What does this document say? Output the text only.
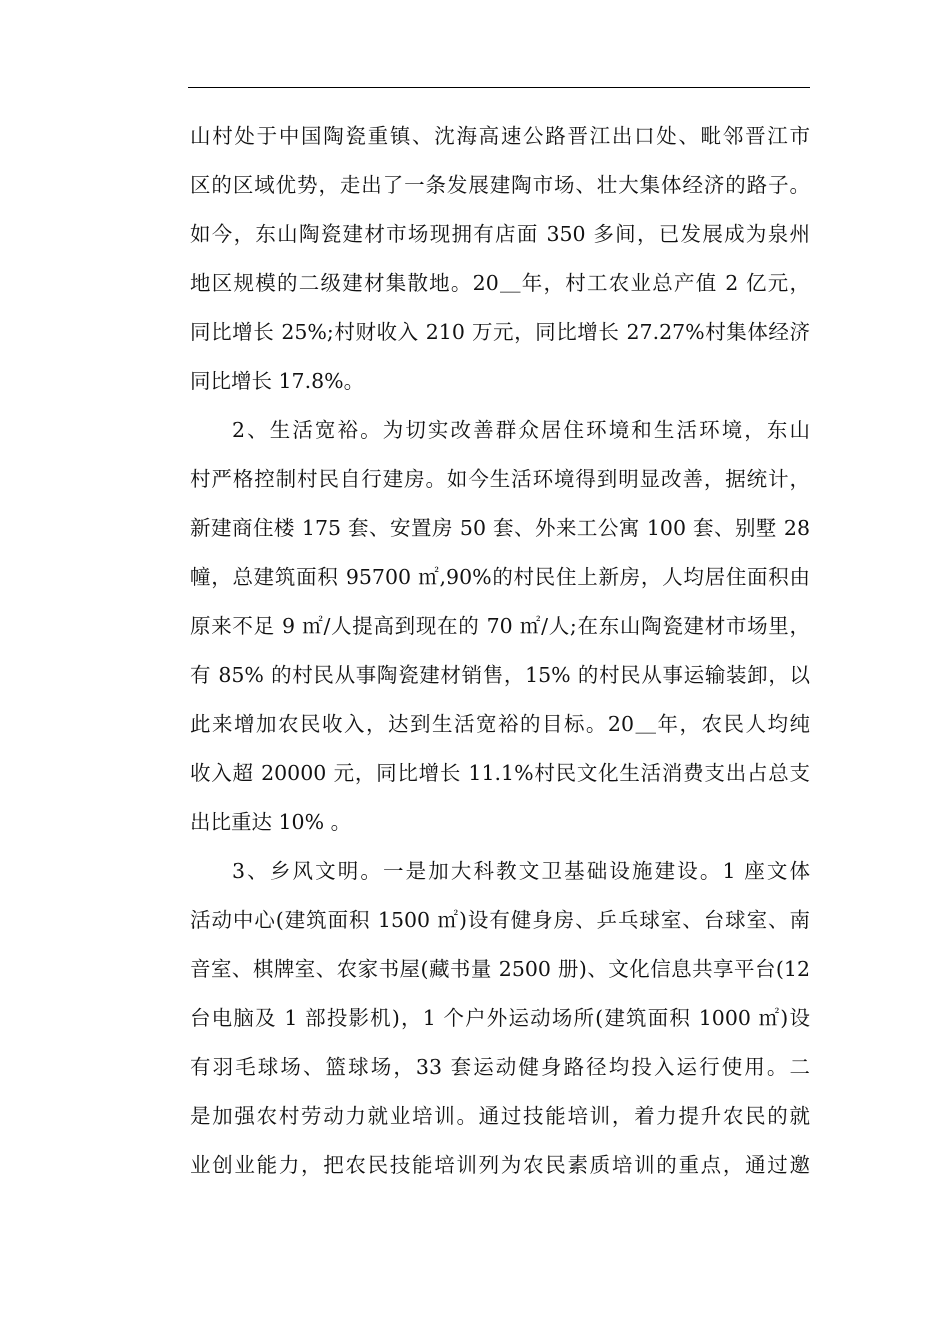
山村处于中国陶瓷重镇、沈海高速公路晋江出口处、毗邻晋江市
区的区域优势，走出了一条发展建陶市场、壮大集体经济的路子。
如今，东山陶瓷建材市场现拥有店面 350 多间，已发展成为泉州
地区规模的二级建材集散地。20＿年，村工农业总产值 2 亿元，
同比增长 25%;村财收入 210 万元，同比增长 27.27%村集体经济
同比增长 17.8%。
2、生活宽裕。为切实改善群众居住环境和生活环境，东山
村严格控制村民自行建房。如今生活环境得到明显改善，据统计，
新建商住楼 175 套、安置房 50 套、外来工公寓 100 套、别墅 28
幢，总建筑面积 95700 ㎡,90%的村民住上新房，人均居住面积由
原来不足 9 ㎡/人提高到现在的 70 ㎡/人;在东山陶瓷建材市场里，
有 85% 的村民从事陶瓷建材销售，15% 的村民从事运输装卸，以
此来增加农民收入，达到生活宽裕的目标。20＿年，农民人均纯
收入超 20000 元，同比增长 11.1%村民文化生活消费支出占总支
出比重达 10% 。
3、乡风文明。一是加大科教文卫基础设施建设。1 座文体
活动中心(建筑面积 1500 ㎡)设有健身房、乒乓球室、台球室、南
音室、棋牌室、农家书屋(藏书量 2500 册)、文化信息共享平台(12
台电脑及 1 部投影机)，1 个户外运动场所(建筑面积 1000 ㎡)设
有羽毛球场、篮球场，33 套运动健身路径均投入运行使用。二
是加强农村劳动力就业培训。通过技能培训，着力提升农民的就
业创业能力，把农民技能培训列为农民素质培训的重点，通过邀
